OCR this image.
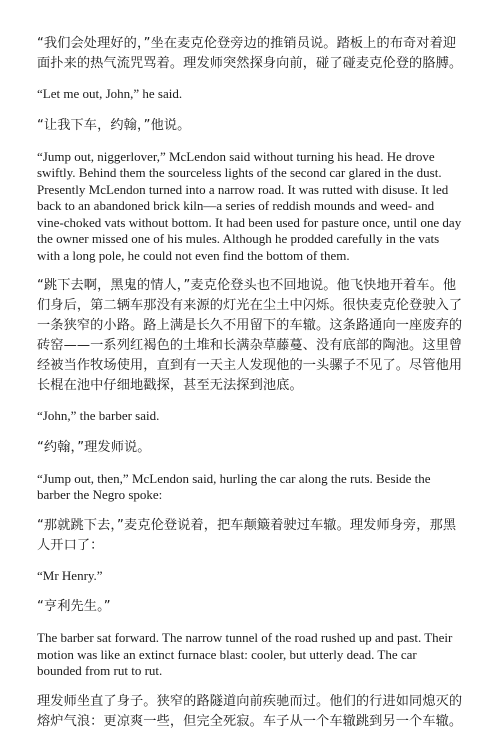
“我们会处理好的，”坐在麦克伦登旁边的推销员说。踏板上的布奇对着迎面扑来的热气流咒骂着。理发师突然探身向前，碰了碰麦克伦登的胳膊。

“Let me out, John,” he said.

“让我下车，约翰，”他说。

“Jump out, niggerlover,” McLendon said without turning his head. He drove swiftly. Behind them the sourceless lights of the second car glared in the dust. Presently McLendon turned into a narrow road. It was rutted with disuse. It led back to an abandoned brick kiln—a series of reddish mounds and weed- and vine-choked vats without bottom. It had been used for pasture once, until one day the owner missed one of his mules. Although he prodded carefully in the vats with a long pole, he could not even find the bottom of them.

“跳下去啊，黑鬼的情人，”麦克伦登头也不回地说。他飞快地开着车。他们身后，第二辆车那没有来源的灯光在尘土中闪烁。很快麦克伦登驶入了一条狭窄的小路。路上满是长久不用留下的车辙。这条路通向一座废弃的砖窑——一系列红褐色的土堆和长满杂草藤蔓、没有底部的陶池。这里曾经被当作牧场使用，直到有一天主人发现他的一头骡子不见了。尽管他用长棍在池中仔细地戳探，甚至无法探到池底。

“John,” the barber said.

“约翰，”理发师说。

“Jump out, then,” McLendon said, hurling the car along the ruts. Beside the barber the Negro spoke:

“那就跳下去，”麦克伦登说着，把车颠簸着驶过车辙。理发师身旁，那黑人开口了：

“Mr Henry.”

“亨利先生。”

The barber sat forward. The narrow tunnel of the road rushed up and past. Their motion was like an extinct furnace blast: cooler, but utterly dead. The car bounded from rut to rut.

理发师坐直了身子。狭窄的路隧道向前疾驰而过。他们的行进如同熄灭的熔炉气浪：更凉爽一些，但完全死寂。车子从一个车辙跳到另一个车辙。
